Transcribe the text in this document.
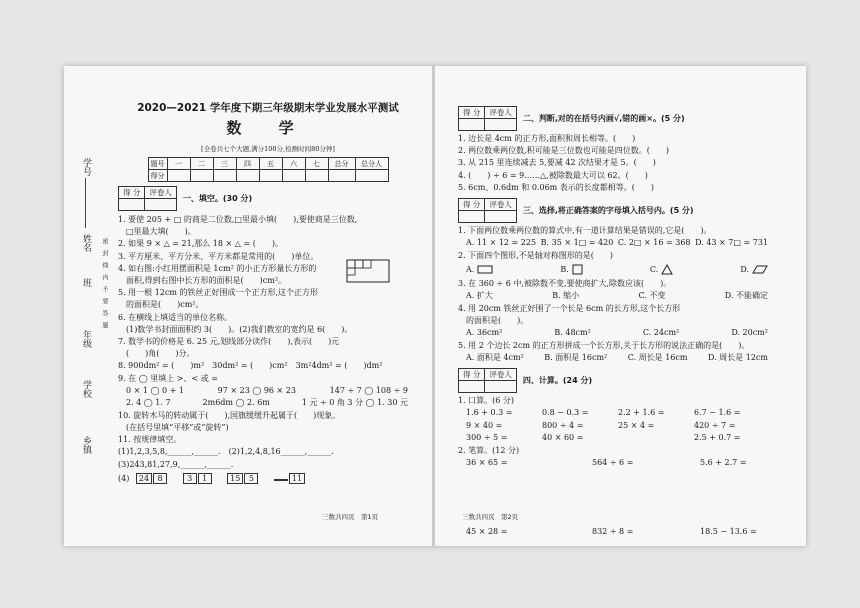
学号
姓名
班
年级
学校
乡镇
密　封　线　内　不　要　答　题
2020—2021 学年度下期三年级期末学业发展水平测试
数 学
[全卷共七个大题,满分100分,检测时间80分钟]
题号	一	二	三	四	五	六	七	总分	总分人
得分									
得 分	评卷人

一、填空。(30 分)
1. 要使 205 + □ 的商是二位数,□里最小填(　　),要使商是三位数,
　□里最大填(　　)。
2. 如果 9 × △ = 21,那么 18 × △ = (　　)。
3. 平方厘米、平方分米、平方米都是常用的(　　)单位。
4. 如右图:小红用摆面积是 1cm² 的小正方形量长方形的
　面积,得到右图中长方形的面积是(　　)cm²。
5. 用一根 12cm 的铁丝正好围成一个正方形,这个正方形
　的面积是(　　)cm²。
6. 在横线上填适当的单位名称。
　(1)数学书封面面积约 3(　　)。(2)我们教室的宽约是 6(　　)。
7. 数学书的价格是 6. 25 元,划线部分读作(　　),表示(　　)元
　(　　)角(　　)分。
8. 900dm² = (　　)m²　30dm² = (　　)cm²　3m²4dm² = (　　)dm²
9. 在 ◯ 里填上 >、< 或 =
0 × 1 ◯ 0 + 1	97 × 23 ◯ 96 × 23	147 ÷ 7 ◯ 108 ÷ 9
2. 4 ◯ 1. 7	2m6dm ◯ 2. 6m	1 元 ÷ 0 角 3 分 ◯ 1. 30 元
10. 旋转木马的转动属于(　　),国旗缓缓升起属于(　　)现象。
　(在括号里填“平移”或“旋转”)
11. 按规律填空。
(1)1,2,3,5,8,______,______.　(2)1,2,4,8,16______,______.
(3)243,81,27,9,______,______.
(4) 24 8	3 1	15 5	11
三数共四页　第1页
得 分	评卷人

二、判断,对的在括号内画√,错的画×。(5 分)
1. 边长是 4cm 的正方形,面积和周长相等。(　　)
2. 两位数乘两位数,积可能是三位数也可能是四位数。(　　)
3. 从 215 里连续减去 5,要减 42 次结果才是 5。(　　)
4. (　　) ÷ 6 = 9……△,被除数最大可以 62。(　　)
5. 6cm、0.6dm 和 0.06m 表示的长度都相等。(　　)
得 分	评卷人

三、选择,将正确答案的字母填入括号内。(5 分)
1. 下面两位数乘两位数的算式中,有一道计算结果是错误的,它是(　　)。
A. 11 × 12 = 225 B. 35 × 1□ = 420 C. 2□ × 16 = 368 D. 43 × 7□ = 731
2. 下面四个图形,不是轴对称图形的是(　　)
A.	B.	C.	D.
3. 在 360 ÷ 6 中,被除数不变,要使商扩大,除数应该(　　)。
A. 扩大	B. 缩小	C. 不变	D. 不能确定
4. 用 20cm 铁丝正好围了一个长是 6cm 的长方形,这个长方形
　的面积是(　　)。
A. 36cm²	B. 48cm²	C. 24cm²	D. 20cm²
5. 用 2 个边长 2cm 的正方形拼成一个长方形,关于长方形的说法正确的是(　　)。
A. 面积是 4cm²	B. 面积是 16cm²	C. 周长是 16cm	D. 周长是 12cm
得 分	评卷人

四、计算。(24 分)
1. 口算。(6 分)
1.6 + 0.3 =	0.8 − 0.3 =	2.2 + 1.6 =	6.7 − 1.6 =
9 × 40 =	800 ÷ 4 =	25 × 4 =	420 ÷ 7 =
300 ÷ 5 =	40 × 60 =	2.5 + 0.7 =
2. 笔算。(12 分)
36 × 65 =	564 ÷ 6 =	5.6 + 2.7 =
45 × 28 =	832 ÷ 8 =	18.5 − 13.6 =
三数共四页　第2页
